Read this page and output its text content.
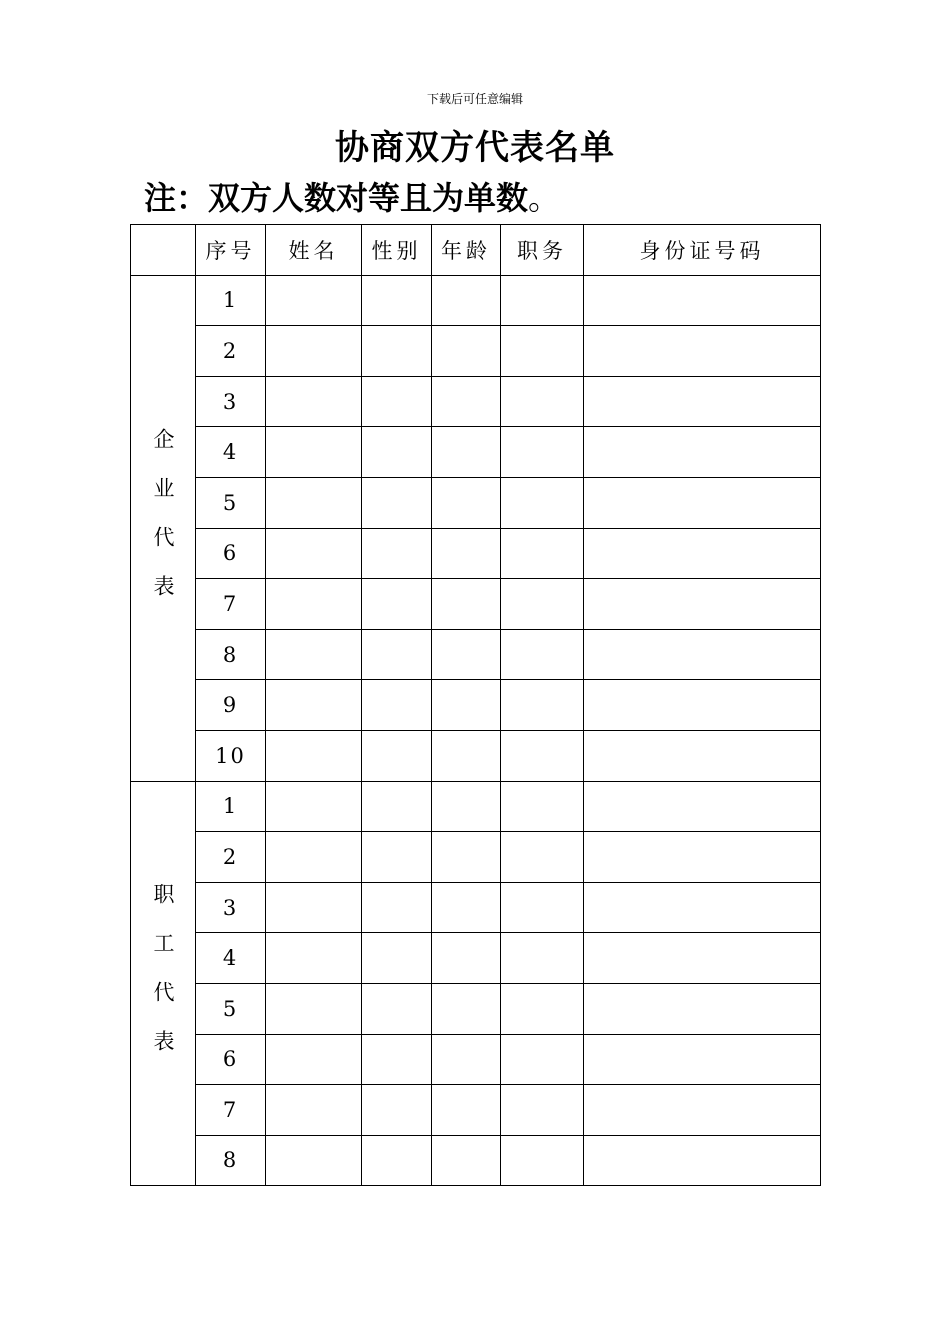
下载后可任意编辑
协商双方代表名单
注：双方人数对等且为单数。
	序号	姓名	性别	年龄	职务	身份证号码
企业代表	1					
	2					
	3					
	4					
	5					
	6					
	7					
	8					
	9					
	10					
职工代表	1					
	2					
	3					
	4					
	5					
	6					
	7					
	8					
